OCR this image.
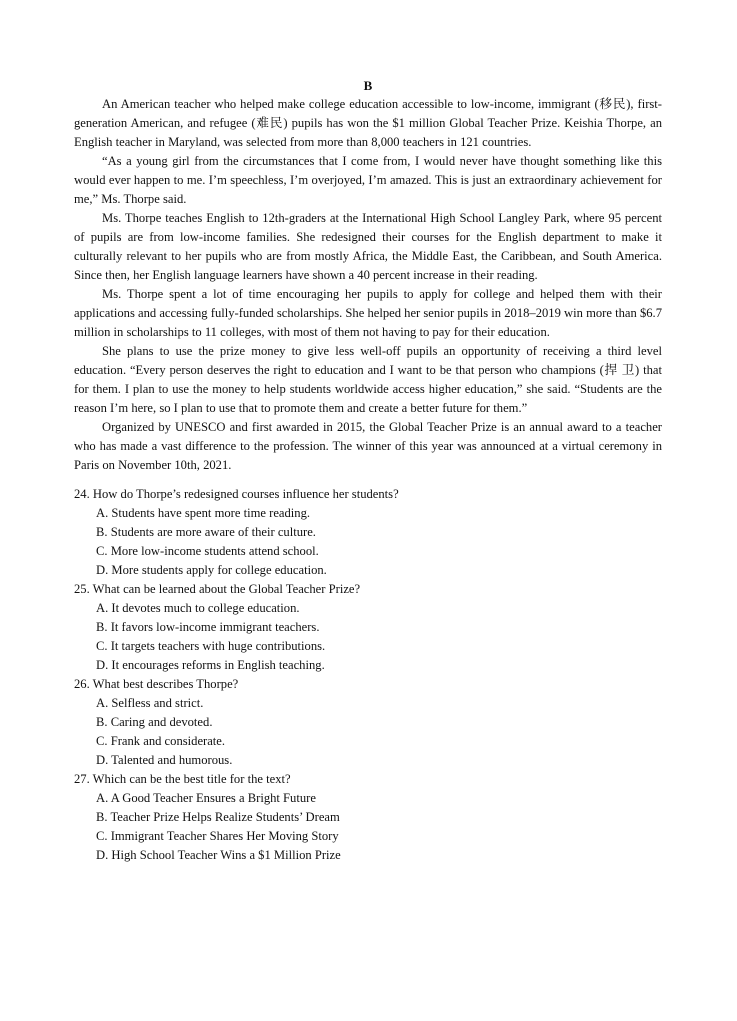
B

An American teacher who helped make college education accessible to low-income, immigrant (移民), first-generation American, and refugee (难民) pupils has won the $1 million Global Teacher Prize. Keishia Thorpe, an English teacher in Maryland, was selected from more than 8,000 teachers in 121 countries.

“As a young girl from the circumstances that I come from, I would never have thought something like this would ever happen to me. I’m speechless, I’m overjoyed, I’m amazed. This is just an extraordinary achievement for me,” Ms. Thorpe said.

Ms. Thorpe teaches English to 12th-graders at the International High School Langley Park, where 95 percent of pupils are from low-income families. She redesigned their courses for the English department to make it culturally relevant to her pupils who are from mostly Africa, the Middle East, the Caribbean, and South America. Since then, her English language learners have shown a 40 percent increase in their reading.

Ms. Thorpe spent a lot of time encouraging her pupils to apply for college and helped them with their applications and accessing fully-funded scholarships. She helped her senior pupils in 2018–2019 win more than $6.7 million in scholarships to 11 colleges, with most of them not having to pay for their education.

She plans to use the prize money to give less well-off pupils an opportunity of receiving a third level education. “Every person deserves the right to education and I want to be that person who champions (捍 卫) that for them. I plan to use the money to help students worldwide access higher education,” she said. “Students are the reason I’m here, so I plan to use that to promote them and create a better future for them.”

Organized by UNESCO and first awarded in 2015, the Global Teacher Prize is an annual award to a teacher who has made a vast difference to the profession. The winner of this year was announced at a virtual ceremony in Paris on November 10th, 2021.

24. How do Thorpe’s redesigned courses influence her students?

A. Students have spent more time reading.

B. Students are more aware of their culture.

C. More low-income students attend school.

D. More students apply for college education.

25. What can be learned about the Global Teacher Prize?

A. It devotes much to college education.

B. It favors low-income immigrant teachers.

C. It targets teachers with huge contributions.

D. It encourages reforms in English teaching.

26. What best describes Thorpe?

A. Selfless and strict.

B. Caring and devoted.

C. Frank and considerate.

D. Talented and humorous.

27. Which can be the best title for the text?

A. A Good Teacher Ensures a Bright Future

B. Teacher Prize Helps Realize Students’ Dream

C. Immigrant Teacher Shares Her Moving Story

D. High School Teacher Wins a $1 Million Prize
